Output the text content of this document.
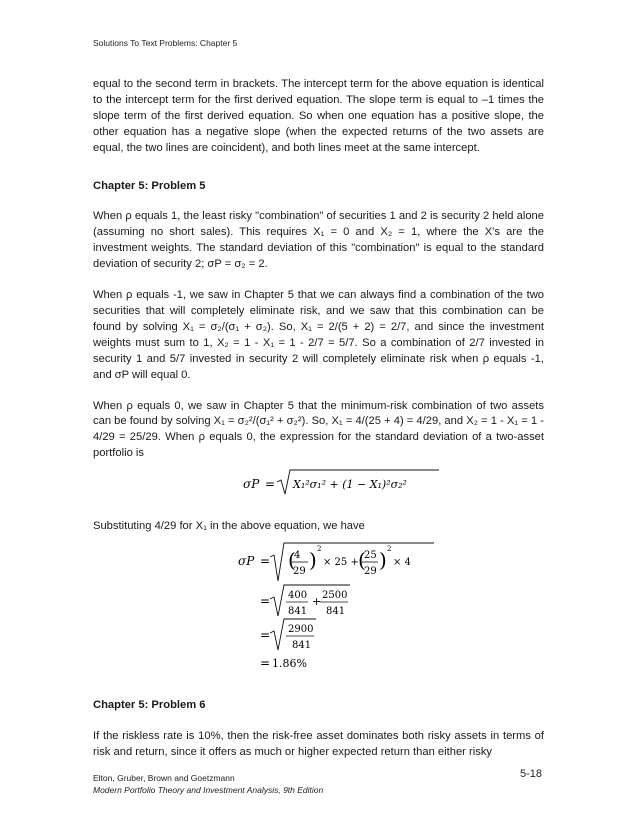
Solutions To Text Problems: Chapter 5

equal to the second term in brackets. The intercept term for the above equation is identical to the intercept term for the first derived equation. The slope term is equal to –1 times the slope term of the first derived equation. So when one equation has a positive slope, the other equation has a negative slope (when the expected returns of the two assets are equal, the two lines are coincident), and both lines meet at the same intercept.

Chapter 5: Problem 5

When ρ equals 1, the least risky "combination" of securities 1 and 2 is security 2 held alone (assuming no short sales). This requires X₁ = 0 and X₂ = 1, where the X's are the investment weights. The standard deviation of this "combination" is equal to the standard deviation of security 2; σP = σ₂ = 2.

When ρ equals -1, we saw in Chapter 5 that we can always find a combination of the two securities that will completely eliminate risk, and we saw that this combination can be found by solving X₁ = σ₂/(σ₁ + σ₂). So, X₁ = 2/(5 + 2) = 2/7, and since the investment weights must sum to 1, X₂ = 1 - X₁ = 1 - 2/7 = 5/7. So a combination of 2/7 invested in security 1 and 5/7 invested in security 2 will completely eliminate risk when ρ equals -1, and σP will equal 0.

When ρ equals 0, we saw in Chapter 5 that the minimum-risk combination of two assets can be found by solving X₁ = σ₂²/(σ₁² + σ₂²). So, X₁ = 4/(25 + 4) = 4/29, and X₂ = 1 - X₁ = 1 - 4/29 = 25/29. When ρ equals 0, the expression for the standard deviation of a two-asset portfolio is

σP = X₁²σ₁² + (1 − X₁)²σ₂²

Substituting 4/29 for X₁ in the above equation, we have

σP = (
4
29 ) 2
× 25 + (
25
29 ) 2
× 4
= 400
841
+ 2500
841
= 2900
841
= 1.86%

Chapter 5: Problem 6

If the riskless rate is 10%, then the risk-free asset dominates both risky assets in terms of risk and return, since it offers as much or higher expected return than either risky

Elton, Gruber, Brown and Goetzmann
Modern Portfolio Theory and Investment Analysis, 9th Edition
5-18
